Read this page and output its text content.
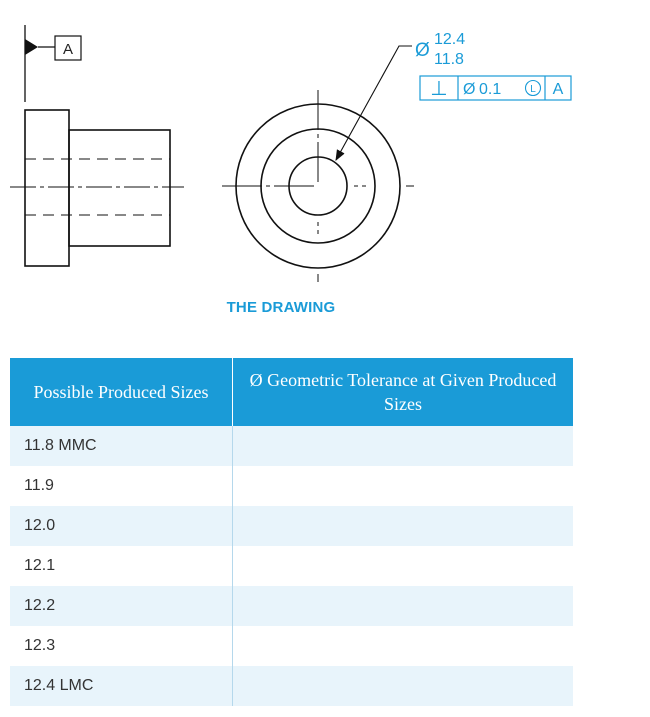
A	Ø
12.4
11.8
⊥ Ø 0.1	L A
THE DRAWING
Possible Produced Sizes	Ø Geometric Tolerance at Given Produced Sizes
11.8 MMC	
11.9	
12.0	
12.1	
12.2	
12.3	
12.4 LMC	
